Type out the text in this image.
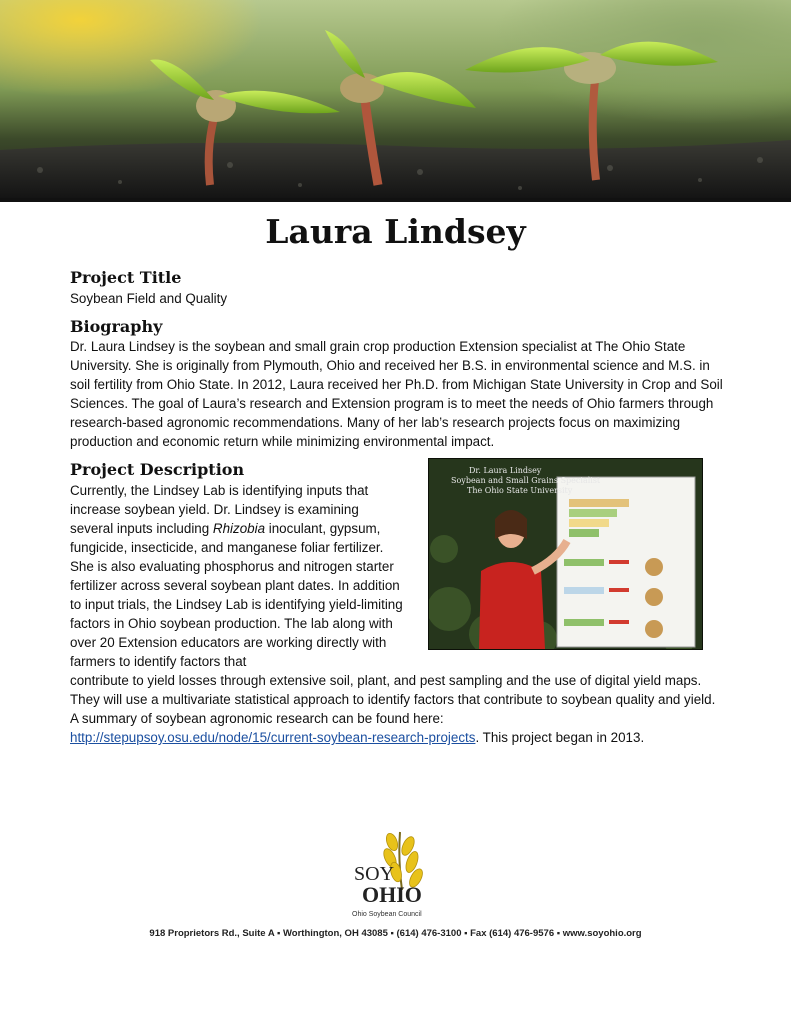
Laura Lindsey
Project Title

Soybean Field and Quality

Biography

Dr. Laura Lindsey is the soybean and small grain crop production Extension specialist at The Ohio State University. She is originally from Plymouth, Ohio and received her B.S. in environmental science and M.S. in soil fertility from Ohio State. In 2012, Laura received her Ph.D. from Michigan State University in Crop and Soil Sciences. The goal of Laura’s research and Extension program is to meet the needs of Ohio farmers through research-based agronomic recommendations. Many of her lab’s research projects focus on maximizing production and economic return while minimizing environmental impact.

Project Description

Currently, the Lindsey Lab is identifying inputs that increase soybean yield. Dr. Lindsey is examining several inputs including Rhizobia inoculant, gypsum, fungicide, insecticide, and manganese foliar fertilizer. She is also evaluating phosphorus and nitrogen starter fertilizer across several soybean plant dates. In addition to input trials, the Lindsey Lab is identifying yield-limiting factors in Ohio soybean production. The lab along with over 20 Extension educators are working directly with farmers to identify factors that

contribute to yield losses through extensive soil, plant, and pest sampling and the use of digital yield maps. They will use a multivariate statistical approach to identify factors that contribute to soybean quality and yield. A summary of soybean agronomic research can be found here:
http://stepupsoy.osu.edu/node/15/current-soybean-research-projects. This project began in 2013.

Dr. Laura Lindsey
Soybean and Small Grains Specialist
The Ohio State University
SOY
OHIO
Ohio Soybean Council
918 Proprietors Rd., Suite A ▪ Worthington, OH 43085 ▪ (614) 476-3100 ▪ Fax (614) 476-9576 ▪ www.soyohio.org
